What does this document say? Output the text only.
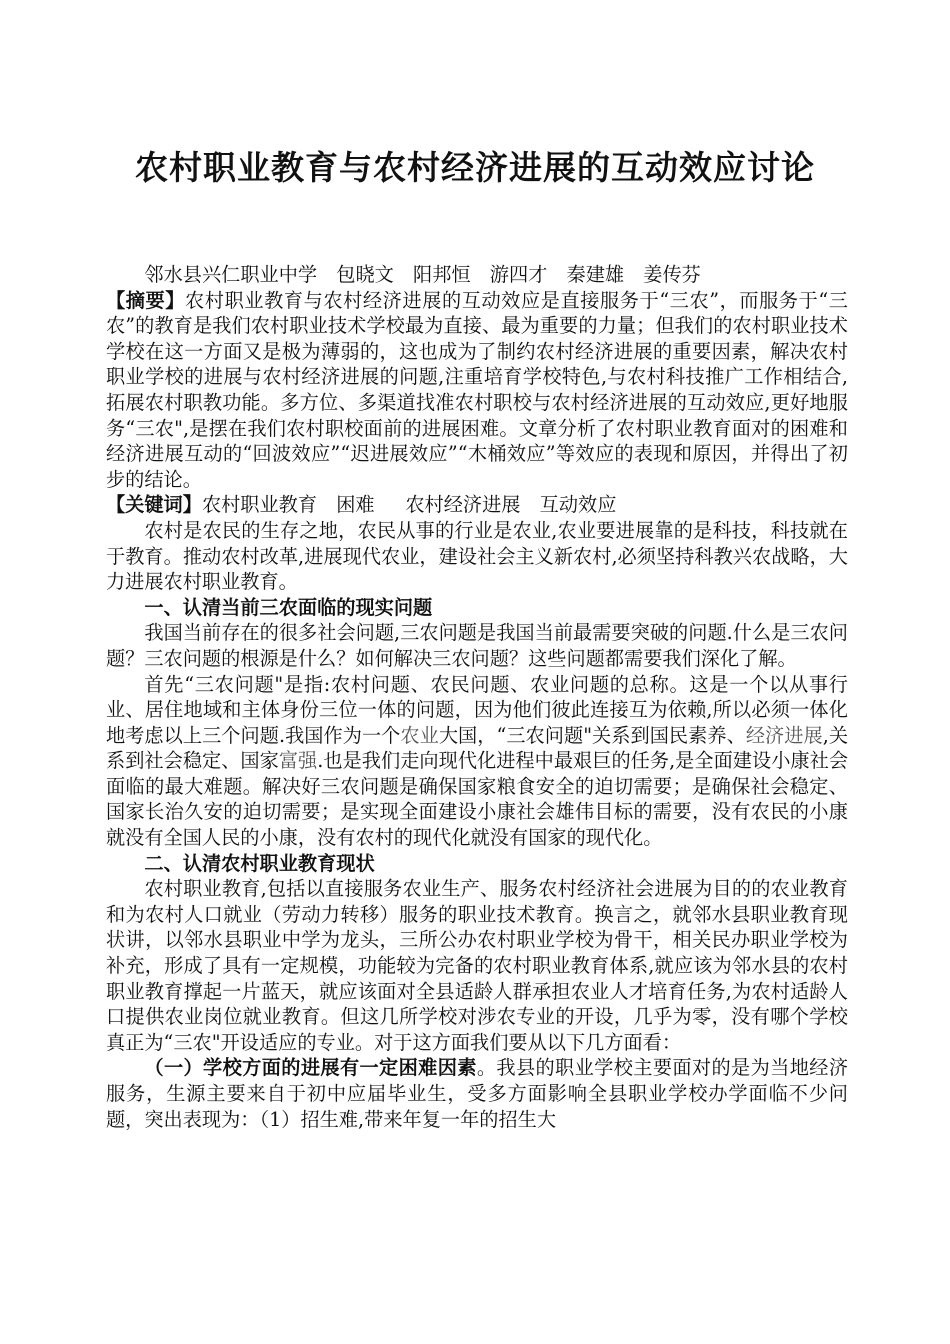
农村职业教育与农村经济进展的互动效应讨论

邻水县兴仁职业中学 包晓文 阳邦恒 游四才 秦建雄 姜传芬

【摘要】农村职业教育与农村经济进展的互动效应是直接服务于“三农”，而服务于“三农”的教育是我们农村职业技术学校最为直接、最为重要的力量；但我们的农村职业技术学校在这一方面又是极为薄弱的，这也成为了制约农村经济进展的重要因素，解决农村职业学校的进展与农村经济进展的问题,注重培育学校特色,与农村科技推广工作相结合,拓展农村职教功能。多方位、多渠道找准农村职校与农村经济进展的互动效应,更好地服务“三农",是摆在我们农村职校面前的进展困难。文章分析了农村职业教育面对的困难和经济进展互动的“回波效应”“迟进展效应”“木桶效应”等效应的表现和原因，并得出了初步的结论。

【关键词】农村职业教育 困难 农村经济进展 互动效应

农村是农民的生存之地，农民从事的行业是农业,农业要进展靠的是科技，科技就在于教育。推动农村改革,进展现代农业，建设社会主义新农村,必须坚持科教兴农战略，大力进展农村职业教育。

一、认清当前三农面临的现实问题

我国当前存在的很多社会问题,三农问题是我国当前最需要突破的问题.什么是三农问题？三农问题的根源是什么？如何解决三农问题？这些问题都需要我们深化了解。

首先“三农问题"是指:农村问题、农民问题、农业问题的总称。这是一个以从事行业、居住地域和主体身份三位一体的问题，因为他们彼此连接互为依赖,所以必须一体化地考虑以上三个问题.我国作为一个农业大国，“三农问题"关系到国民素养、经济进展,关系到社会稳定、国家富强.也是我们走向现代化进程中最艰巨的任务,是全面建设小康社会面临的最大难题。解决好三农问题是确保国家粮食安全的迫切需要；是确保社会稳定、国家长治久安的迫切需要；是实现全面建设小康社会雄伟目标的需要，没有农民的小康就没有全国人民的小康，没有农村的现代化就没有国家的现代化。

二、认清农村职业教育现状

农村职业教育,包括以直接服务农业生产、服务农村经济社会进展为目的的农业教育和为农村人口就业（劳动力转移）服务的职业技术教育。换言之，就邻水县职业教育现状讲，以邻水县职业中学为龙头，三所公办农村职业学校为骨干，相关民办职业学校为补充，形成了具有一定规模，功能较为完备的农村职业教育体系,就应该为邻水县的农村职业教育撑起一片蓝天，就应该面对全县适龄人群承担农业人才培育任务,为农村适龄人口提供农业岗位就业教育。但这几所学校对涉农专业的开设，几乎为零，没有哪个学校真正为“三农"开设适应的专业。对于这方面我们要从以下几方面看：

（一）学校方面的进展有一定困难因素。我县的职业学校主要面对的是为当地经济服务，生源主要来自于初中应届毕业生，受多方面影响全县职业学校办学面临不少问题，突出表现为：（1）招生难,带来年复一年的招生大
